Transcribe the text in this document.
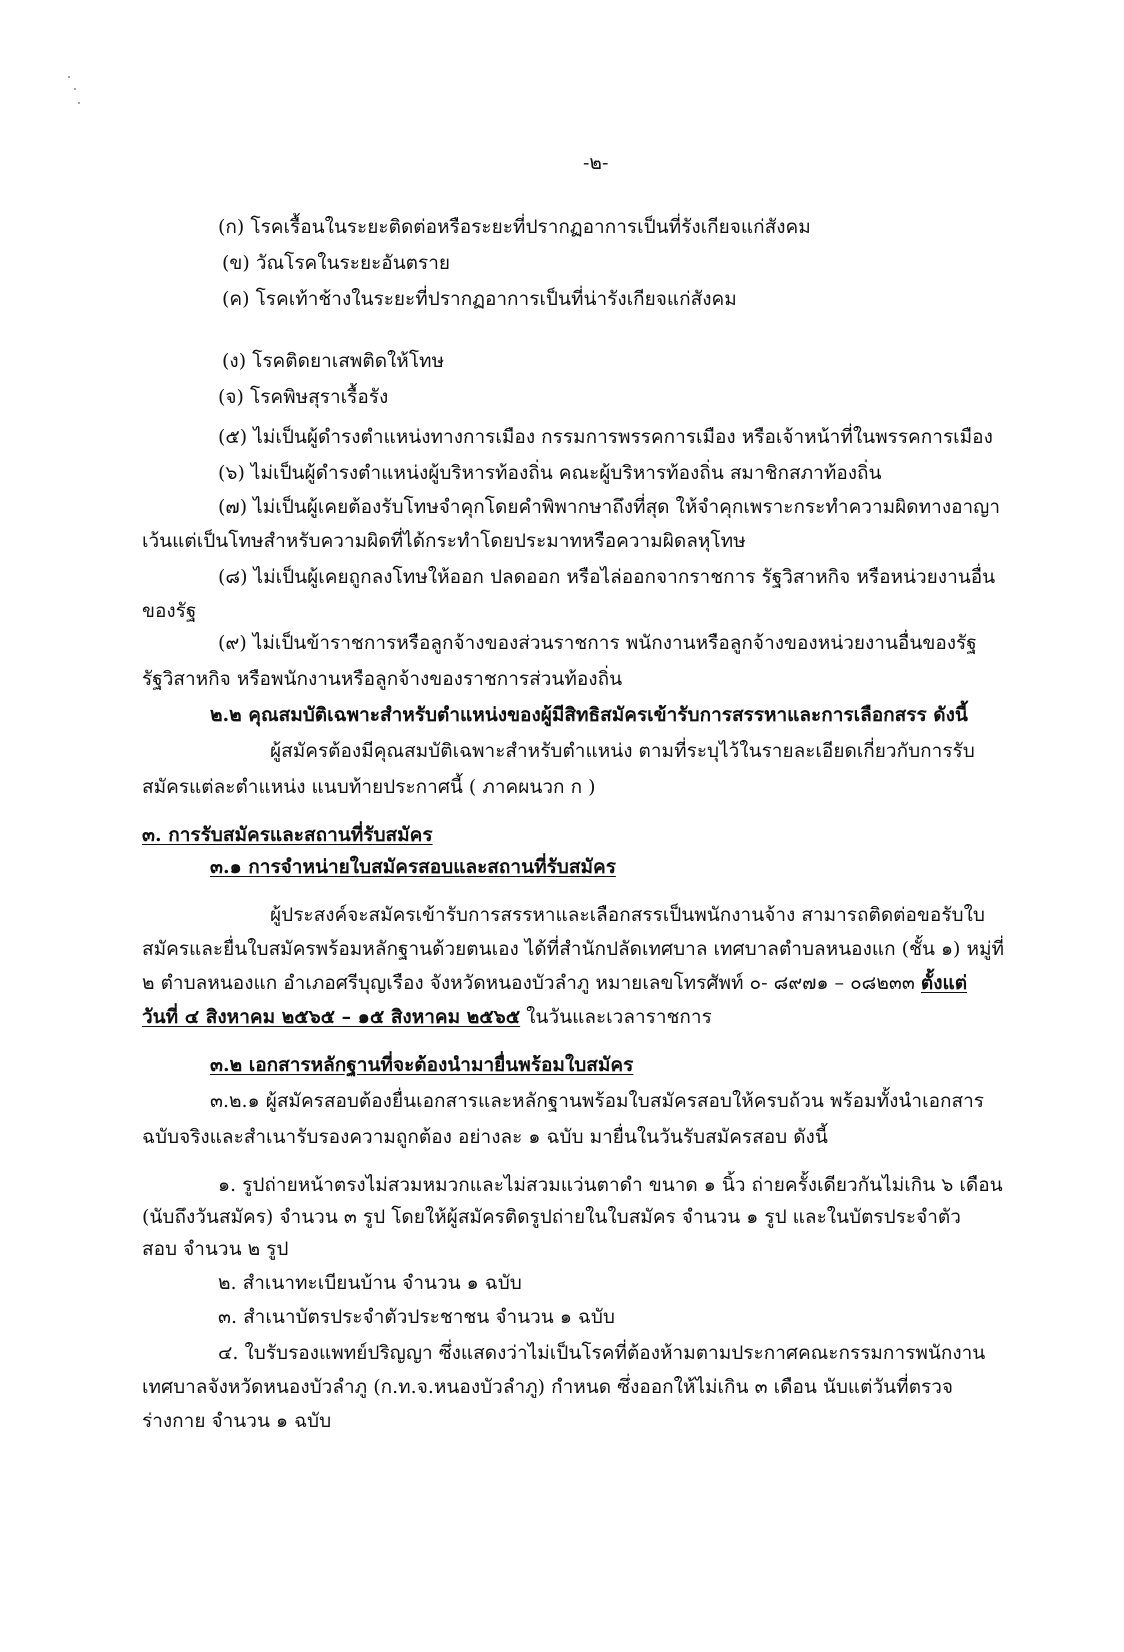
-๒-
(ก) โรคเรื้อนในระยะติดต่อหรือระยะที่ปรากฏอาการเป็นที่รังเกียจแก่สังคม
(ข) วัณโรคในระยะอันตราย
(ค) โรคเท้าช้างในระยะที่ปรากฏอาการเป็นที่น่ารังเกียจแก่สังคม
(ง) โรคติดยาเสพติดให้โทษ
(จ) โรคพิษสุราเรื้อรัง
(๕) ไม่เป็นผู้ดำรงตำแหน่งทางการเมือง กรรมการพรรคการเมือง หรือเจ้าหน้าที่ในพรรคการเมือง
(๖) ไม่เป็นผู้ดำรงตำแหน่งผู้บริหารท้องถิ่น คณะผู้บริหารท้องถิ่น สมาชิกสภาท้องถิ่น
(๗) ไม่เป็นผู้เคยต้องรับโทษจำคุกโดยคำพิพากษาถึงที่สุด ให้จำคุกเพราะกระทำความผิดทางอาญา
เว้นแต่เป็นโทษสำหรับความผิดที่ได้กระทำโดยประมาทหรือความผิดลหุโทษ
(๘) ไม่เป็นผู้เคยถูกลงโทษให้ออก ปลดออก หรือไล่ออกจากราชการ รัฐวิสาหกิจ หรือหน่วยงานอื่น
ของรัฐ
(๙) ไม่เป็นข้าราชการหรือลูกจ้างของส่วนราชการ พนักงานหรือลูกจ้างของหน่วยงานอื่นของรัฐ
รัฐวิสาหกิจ หรือพนักงานหรือลูกจ้างของราชการส่วนท้องถิ่น
๒.๒ คุณสมบัติเฉพาะสำหรับตำแหน่งของผู้มีสิทธิสมัครเข้ารับการสรรหาและการเลือกสรร ดังนี้
ผู้สมัครต้องมีคุณสมบัติเฉพาะสำหรับตำแหน่ง ตามที่ระบุไว้ในรายละเอียดเกี่ยวกับการรับ
สมัครแต่ละตำแหน่ง แนบท้ายประกาศนี้ ( ภาคผนวก ก )
๓. การรับสมัครและสถานที่รับสมัคร
๓.๑ การจำหน่ายใบสมัครสอบและสถานที่รับสมัคร
ผู้ประสงค์จะสมัครเข้ารับการสรรหาและเลือกสรรเป็นพนักงานจ้าง สามารถติดต่อขอรับใบ
สมัครและยื่นใบสมัครพร้อมหลักฐานด้วยตนเอง ได้ที่สำนักปลัดเทศบาล เทศบาลตำบลหนองแก (ชั้น ๑) หมู่ที่
๒ ตำบลหนองแก อำเภอศรีบุญเรือง จังหวัดหนองบัวลำภู หมายเลขโทรศัพท์ ๐- ๘๙๗๑ – ๐๘๒๓๓ ตั้งแต่
วันที่ ๔ สิงหาคม ๒๕๖๕ – ๑๕ สิงหาคม ๒๕๖๕ ในวันและเวลาราชการ
๓.๒ เอกสารหลักฐานที่จะต้องนำมายื่นพร้อมใบสมัคร
๓.๒.๑ ผู้สมัครสอบต้องยื่นเอกสารและหลักฐานพร้อมใบสมัครสอบให้ครบถ้วน พร้อมทั้งนำเอกสาร
ฉบับจริงและสำเนารับรองความถูกต้อง อย่างละ ๑ ฉบับ มายื่นในวันรับสมัครสอบ ดังนี้
๑. รูปถ่ายหน้าตรงไม่สวมหมวกและไม่สวมแว่นตาดำ ขนาด ๑ นิ้ว ถ่ายครั้งเดียวกันไม่เกิน ๖ เดือน
(นับถึงวันสมัคร) จำนวน ๓ รูป โดยให้ผู้สมัครติดรูปถ่ายในใบสมัคร จำนวน ๑ รูป และในบัตรประจำตัว
สอบ จำนวน ๒ รูป
๒. สำเนาทะเบียนบ้าน จำนวน ๑ ฉบับ
๓. สำเนาบัตรประจำตัวประชาชน จำนวน ๑ ฉบับ
๔. ใบรับรองแพทย์ปริญญา ซึ่งแสดงว่าไม่เป็นโรคที่ต้องห้ามตามประกาศคณะกรรมการพนักงาน
เทศบาลจังหวัดหนองบัวลำภู (ก.ท.จ.หนองบัวลำภู) กำหนด ซึ่งออกให้ไม่เกิน ๓ เดือน นับแต่วันที่ตรวจ
ร่างกาย จำนวน ๑ ฉบับ
